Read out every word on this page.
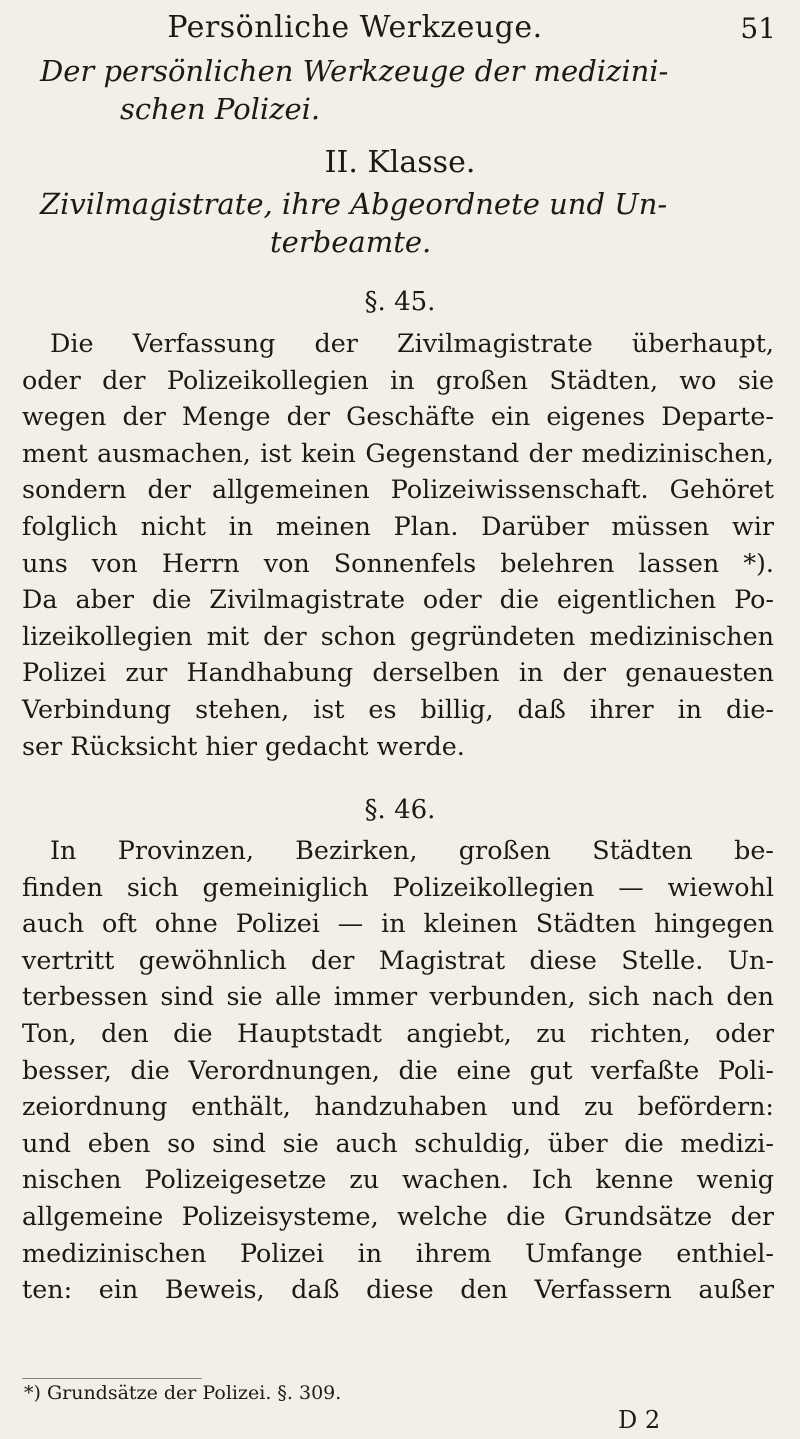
Persönliche Werkzeuge.	51
Der persönlichen Werkzeuge der medizini-
schen Polizei.
II. Klasse.
Zivilmagistrate, ihre Abgeordnete und Un-
terbeamte.
§. 45.
Die Verfassung der Zivilmagistrate überhaupt,
oder der Polizeikollegien in großen Städten, wo sie
wegen der Menge der Geschäfte ein eigenes Departe-
ment ausmachen, ist kein Gegenstand der medizinischen,
sondern der allgemeinen Polizeiwissenschaft. Gehöret
folglich nicht in meinen Plan. Darüber müssen wir
uns von Herrn von Sonnenfels belehren lassen *).
Da aber die Zivilmagistrate oder die eigentlichen Po-
lizeikollegien mit der schon gegründeten medizinischen
Polizei zur Handhabung derselben in der genauesten
Verbindung stehen, ist es billig, daß ihrer in die-
ser Rücksicht hier gedacht werde.
§. 46.
In Provinzen, Bezirken, großen Städten be-
finden sich gemeiniglich Polizeikollegien — wiewohl
auch oft ohne Polizei — in kleinen Städten hingegen
vertritt gewöhnlich der Magistrat diese Stelle. Un-
terbessen sind sie alle immer verbunden, sich nach den
Ton, den die Hauptstadt angiebt, zu richten, oder
besser, die Verordnungen, die eine gut verfaßte Poli-
zeiordnung enthält, handzuhaben und zu befördern:
und eben so sind sie auch schuldig, über die medizi-
nischen Polizeigesetze zu wachen. Ich kenne wenig
allgemeine Polizeisysteme, welche die Grundsätze der
medizinischen Polizei in ihrem Umfange enthiel-
ten: ein Beweis, daß diese den Verfassern außer
*) Grundsätze der Polizei. §. 309.
D 2
